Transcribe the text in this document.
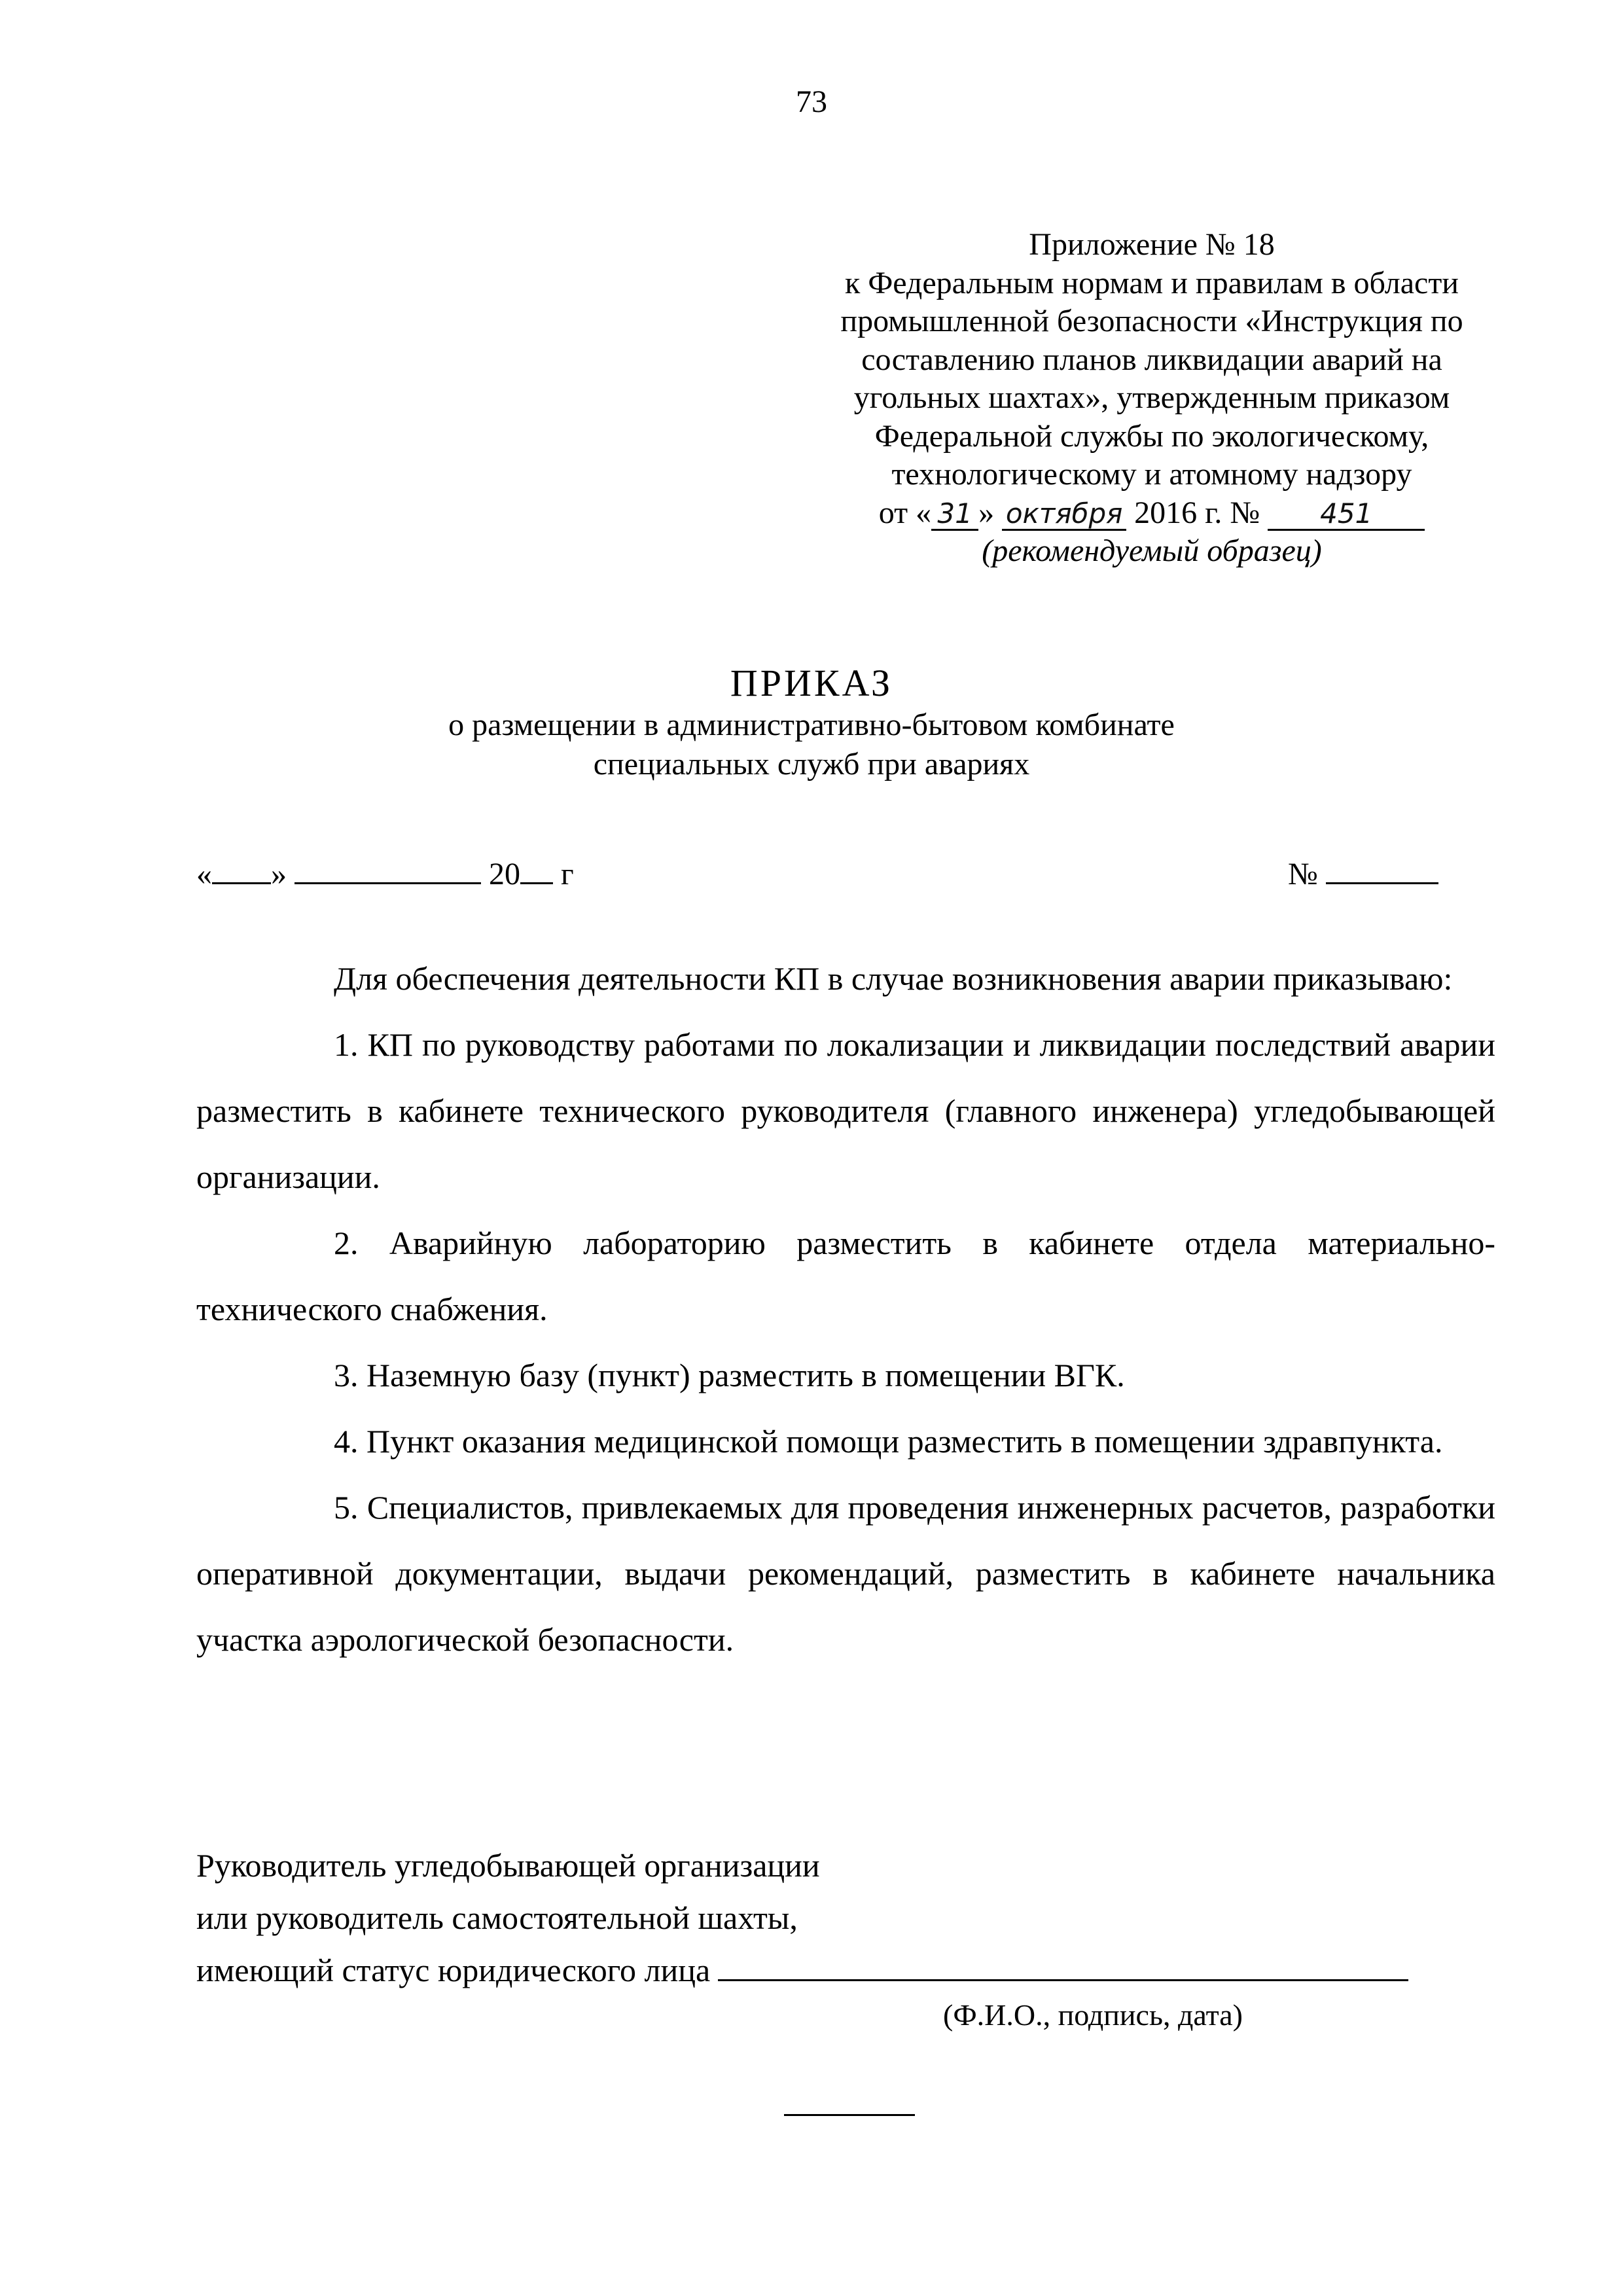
73
Приложение № 18
к Федеральным нормам и правилам в области
промышленной безопасности «Инструкция по
составлению планов ликвидации аварий на
угольных шахтах», утвержденным приказом
Федеральной службы по экологическому,
технологическому и атомному надзору
от « 31 » октября 2016 г. № 451
(рекомендуемый образец)
ПРИКАЗ
о размещении в административно-бытовом комбинате
специальных служб при авариях
« »	20 г	№

Для обеспечения деятельности КП в случае возникновения аварии приказываю:

1. КП по руководству работами по локализации и ликвидации последствий аварии разместить в кабинете технического руководителя (главного инженера) угледобывающей организации.

2. Аварийную лабораторию разместить в кабинете отдела материально-технического снабжения.

3. Наземную базу (пункт) разместить в помещении ВГК.

4. Пункт оказания медицинской помощи разместить в помещении здравпункта.

5. Специалистов, привлекаемых для проведения инженерных расчетов, разработки оперативной документации, выдачи рекомендаций, разместить в кабинете начальника участка аэрологической безопасности.

Руководитель угледобывающей организации
или руководитель самостоятельной шахты,
имеющий статус юридического лица
(Ф.И.О., подпись, дата)
